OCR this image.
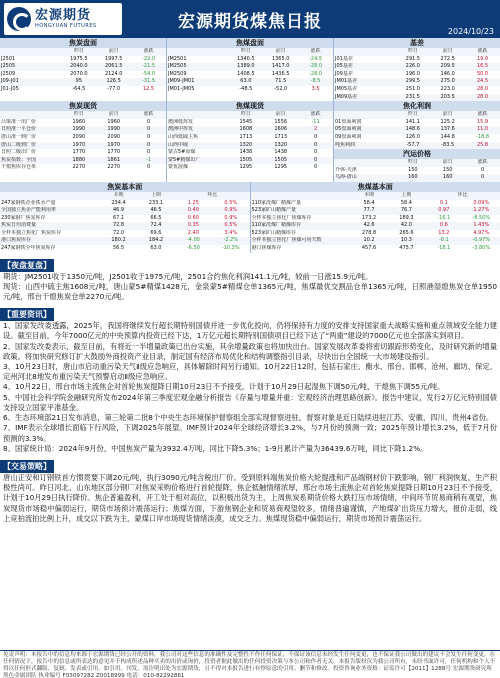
宏源期货
HONGYUAN FUTURES	宏源期货煤焦日报	2024/10/23
焦炭盘面
	昨日	前日	涨跌
J2501	1975.5	1997.5	-22.0
J2505	2040.0	2061.5	-21.5
J2509	2070.0	2124.0	-54.0
J09-J01	95	126.5	-31.5
J01-J05	-64.5	-77.0	12.5
焦煤盘面
	昨日	前日	涨跌
JM2501	1340.5	1365.0	-24.5
JM2505	1389.0	1417.0	-28.0
JM2509	1408.5	1436.5	-28.0
JM09-JM01	63.0	71.5	-8.5
JM01-JM05	-48.5	-52.0	3.5
基差
	昨日	前日	涨跌
J01基差	291.5	272.5	19.0
J05基差	226.0	209.5	16.5
J09基差	196.0	146.0	50.0
JM01基差	299.5	275.0	24.5
JM05基差	251.0	223.0	28.0
JM09基差	231.5	203.5	28.0
焦炭现货
	昨日	前日	涨跌
吕梁准一出厂价	1960	1960	0
日照准一平仓价	1990	1990	0
唐山准一到厂价	2090	2090	0
唐山二级到厂价	1970	1970	0
日照二级出厂价	1770	1770	0
焦炭指数：全国	1880	1861	-1
干熄焦库存仓单	2270	2270	0
焦煤现货
	昨日	前日	涨跌
澳洲低挥发	1545	1556	-11
澳洲中挥发	1608	1606	2
山西低硫主焦	1713	1713	0
山西中硫	1320	1320	0
蒙古5#原煤	1438	1438	0
蒙5#精煤出厂	1505	1505	0
蒙优混煤	1295	1295	0
焦化利润
	昨日	前日	涨跌
01盘面利润	141.1	125.2	15.9
05盘面利润	148.6	137.6	11.0
09盘面利润	126.0	144.8	-18.8
吨焦利润	-57.7	-83.5	25.8
汽运价格
	昨日	前日	涨跌
介休-天津	150	150	0
乌海-唐山	160	160	0
焦炭基本面
	本期	上期	环比	
247家钢铁企业铁水产量	234.4	233.1	1.25	0.5%
全国独立焦企产能利用率	46.9	46.5	0.40	0.9%
230家钢厂焦炭库存	67.1	66.5	0.60	0.9%
焦炭日均消费量	72.8	72.4	0.35	0.5%
全样本独立焦化厂焦炭库存	72.0	69.6	2.40	3.4%
港口焦炭库存	180.2	184.2	-4.00	-2.2%
247家钢铁全年焦炭库存	56.5	63.0	-6.50	-10.3%
焦煤基本面
	本期	上期	环比	
110家洗煤厂精煤产量	58.4	58.4	0.1	0.09%
523家矿山精煤产量	77.7	76.7	0.97	1.27%
全样本独立焦化厂焦煤库存	173.2	189.3	-16.1	-8.50%
110家洗煤厂精煤库存	42.6	42.0	0.6	1.43%
523家矿山精煤库存	278.8	265.6	13.2	4.97%
全样本独立焦化厂焦煤可用天数	10.2	10.3	-0.1	-0.97%
港口焦煤库存	457.6	475.7	-18.1	-3.80%
【夜盘复盘】

期货：JM2501收于1350元/吨，J2501收于1975元/吨，2501合约焦化利润141.1元/吨，较前一日涨15.9元/吨。

现货：山西中硫主焦1608元/吨，唐山蒙5#精煤1428元，金泉蒙5#精煤仓单1365元/吨，焦煤最优交割品仓单1365元/吨，日照港湿熄焦炭仓单1950元/吨，邢台干熄焦炭仓单2270元/吨。

【重要资讯】

1、国家发改委透露，2025年，我国将继续发行超长期特别国债并进一步优化投向，仍将保持有力度的安排支持国家重大战略实施和重点领域安全能力建设。截至目前，今年7000亿元的中央预算内投资已经下达，1万亿元超长期特别国债项目已经下达了“两重”建设的7000亿元也全部落实到项目。

2、国家发改委表示，截至目前，有将近一半增量政策已出台实施，其余增量政策也将加快出台。国家发展改革委将密切跟踪形势变化，及时研究新的增量政策。将加快研究修订扩大鼓励外商投资产业目录，制定国有经济布局优化和结构调整指引目录，尽快出台全国统一大市场建设指引。

3、10月23日时，唐山市启动重污染天气Ⅱ级应急响应，具体解除时间另行通知。10月22日12时，包括石家庄、衡水、邢台、邯郸、沧州、廊坊、保定、定州河北8地发布重污染天气预警启动Ⅱ级应急响应。

4、10月22日，邢台市场主流焦企对首轮焦炭提降日期10月23日不予接受，计划于10月29日起湿焦下调50元/吨，干熄焦下调55元/吨。

5、中国社会科学院金融研究所发布2024年第三季度宏观金融分析报告《存量与增量并重：宏观经济治理思路创新》。报告中建议，发行2万亿元特别国债支持设立国家平准基金。

6、生态环境部21日发布消息，第三轮第二批8个中央生态环境保护督察组全部实现督察进驻，督察对象是近日陆续进驻江苏、安徽、四川、贵州4省份。

7、IMF表示全球增长面临下行风险，下调2025年展望。IMF预计2024年全球经济增长3.2%，与7月份的预测一致；2025年预计增长3.2%，低于7月份预测的3.3%。

8、国家统计局：2024年9月份，中国焦炭产量为3932.4万吨，同比下降5.3%；1-9月累计产量为36439.6万吨，同比下降1.2%。

【交易策略】

唐山正安和订钢铁首方惯贯要下调20元/吨，执行3090元/吨含税出厂价。受到原料端焦炭价格大轮提涨和产品端钢材价下跌影响，钢厂利润恢复，生产积极性尚可。昨日河北、山东地区部分钢厂对焦炭采购价格进行首轮提降，焦企抵触情绪浓厚，邢台市场主流焦企对首轮焦炭提降日期10月23日不予接受，计划于10月29日执行降价。焦企普遍盈利，开工处于相对高位，以积极出货为主，上周焦炭系期货价格大跌打压市场情绪，中间环节贸易商稍有观望，焦炭现货市场稳中偏弱运行，期货市场预计震荡运行；焦煤方面，下游焦钢企业和贸易商观望较多，情绪普遍谨慎，产地煤矿出货压力增大，报价走弱，线上竞拍流拍比例上升，成交以下跌为主，蒙煤口岸市场现货情绪淡漠，成交乏力。焦煤现货稳中偏弱运行，期货市场预计震荡运行。

免责声明：本报告中的信息均来源于宏源期货已经公开的资料，我公司对这些信息的准确性及完整性不作任何保证，不保证该信息未经发生任何变更，也不保证我公司做出的建议不会发生任何变更。在任何情况下，报告中的信息或所表达的意见并不构成所述品种买卖的出价或询价，投资者据此做出的任何投资决策与本公司和作者无关。本报告版权仅为我公司所有，未经书面许可，任何机构和个人不得以任何形式翻版、复制、发表或引用。如引用、刊发，需注明出处为宏源期货，且不得对本报告进行有悖原意的引用、删节和修改。投资咨询业务资格：证监许可【2011】1288号 宏源期货研究所 黑色金属团队 执业编号 F03097282 Z0018999 电话：010-82292861
